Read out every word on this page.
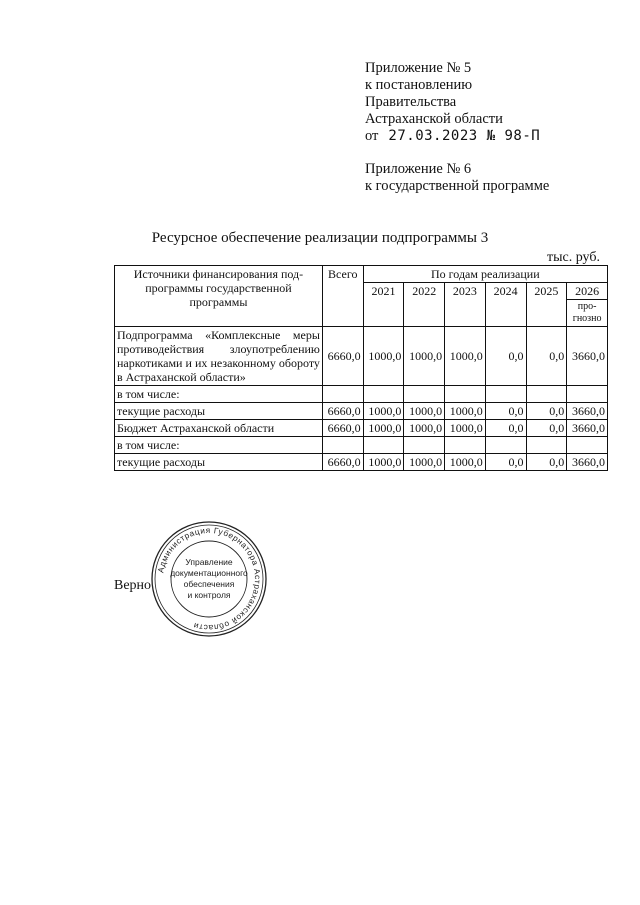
Приложение № 5
к постановлению
Правительства
Астраханской области
от 27.03.2023 № 98-П
Приложение № 6
к государственной программе
Ресурсное обеспечение реализации подпрограммы 3
тыс. руб.
Источники финансирования под-программы государственной программы	Всего	По годам реализации					
		2021	2022	2023	2024	2025	2026
							про-гнозно
Подпрограмма «Комплексные меры противодействия злоупотреблению наркотиками и их незаконному обороту в Астраханской области»	6660,0	1000,0	1000,0	1000,0	0,0	0,0	3660,0
в том числе:							
текущие расходы	6660,0	1000,0	1000,0	1000,0	0,0	0,0	3660,0
Бюджет Астраханской области	6660,0	1000,0	1000,0	1000,0	0,0	0,0	3660,0
в том числе:							
текущие расходы	6660,0	1000,0	1000,0	1000,0	0,0	0,0	3660,0
Верно
Администрация Губернатора Астраханской области
Управление
документационного
обеспечения
и контроля
